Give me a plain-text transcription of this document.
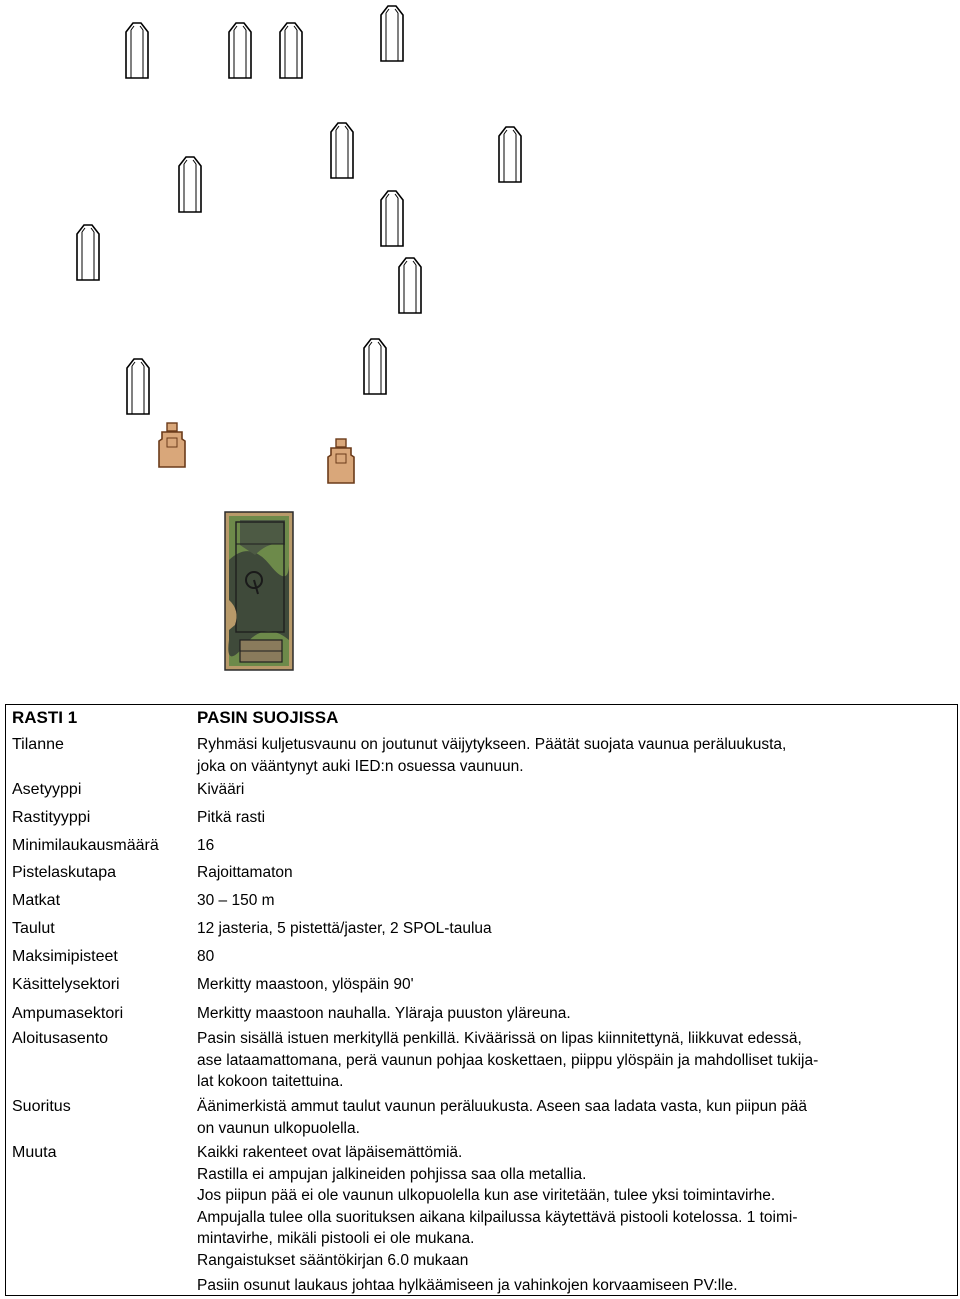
RASTI 1	PASIN SUOJISSA
Tilanne	Ryhmäsi kuljetusvaunu on joutunut väijytykseen. Päätät suojata vaunua peräluukusta,
joka on vääntynyt auki IED:n osuessa vaunuun.
Asetyyppi	Kivääri
Rastityyppi	Pitkä rasti
Minimilaukausmäärä 16
Pistelaskutapa	Rajoittamaton
Matkat	30 – 150 m
Taulut	12 jasteria, 5 pistettä/jaster, 2 SPOL-taulua
Maksimipisteet	80
Käsittelysektori	Merkitty maastoon, ylöspäin 90'
Ampumasektori	Merkitty maastoon nauhalla. Yläraja puuston yläreuna.
Aloitusasento	Pasin sisällä istuen merkityllä penkillä. Kiväärissä on lipas kiinnitettynä, liikkuvat edessä,
ase lataamattomana, perä vaunun pohjaa koskettaen, piippu ylöspäin ja mahdolliset tukija-
lat kokoon taitettuina.
Suoritus	Äänimerkistä ammut taulut vaunun peräluukusta. Aseen saa ladata vasta, kun piipun pää
on vaunun ulkopuolella.
Muuta	Kaikki rakenteet ovat läpäisemättömiä.
Rastilla ei ampujan jalkineiden pohjissa saa olla metallia.
Jos piipun pää ei ole vaunun ulkopuolella kun ase viritetään, tulee yksi toimintavirhe.
Ampujalla tulee olla suorituksen aikana kilpailussa käytettävä pistooli kotelossa. 1 toimi-
mintavirhe, mikäli pistooli ei ole mukana.
Rangaistukset sääntökirjan 6.0 mukaan
Pasiin osunut laukaus johtaa hylkäämiseen ja vahinkojen korvaamiseen PV:lle.
